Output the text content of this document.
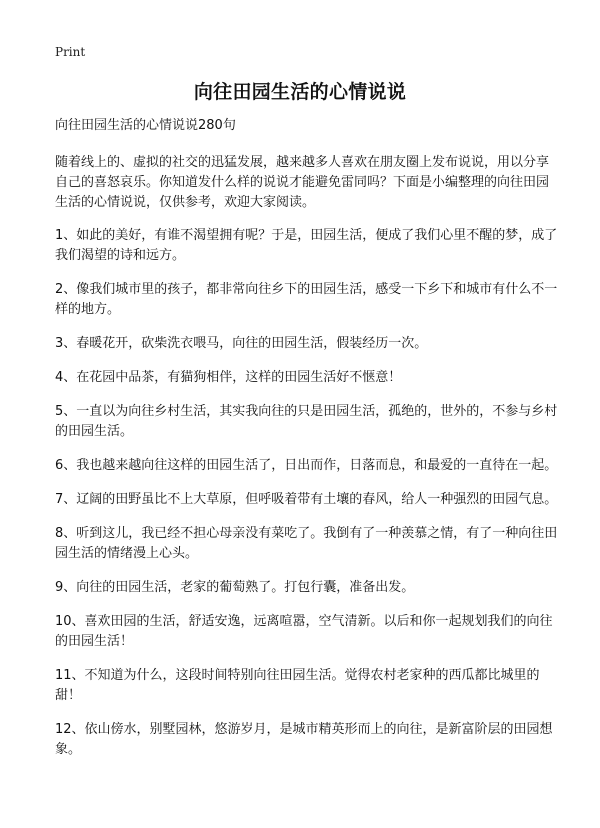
Print
向往田园生活的心情说说

向往田园生活的心情说说280句

随着线上的、虚拟的社交的迅猛发展，越来越多人喜欢在朋友圈上发布说说，用以分享自己的喜怒哀乐。你知道发什么样的说说才能避免雷同吗？下面是小编整理的向往田园生活的心情说说，仅供参考，欢迎大家阅读。

1、如此的美好，有谁不渴望拥有呢？于是，田园生活，便成了我们心里不醒的梦，成了我们渴望的诗和远方。

2、像我们城市里的孩子，都非常向往乡下的田园生活，感受一下乡下和城市有什么不一样的地方。

3、春暖花开，砍柴洗衣喂马，向往的田园生活，假装经历一次。

4、在花园中品茶，有猫狗相伴，这样的田园生活好不惬意！

5、一直以为向往乡村生活，其实我向往的只是田园生活，孤绝的，世外的，不参与乡村的田园生活。

6、我也越来越向往这样的田园生活了，日出而作，日落而息，和最爱的一直待在一起。

7、辽阔的田野虽比不上大草原，但呼吸着带有土壤的春风，给人一种强烈的田园气息。

8、听到这儿，我已经不担心母亲没有菜吃了。我倒有了一种羡慕之情，有了一种向往田园生活的情绪漫上心头。

9、向往的田园生活，老家的葡萄熟了。打包行囊，准备出发。

10、喜欢田园的生活，舒适安逸，远离喧嚣，空气清新。以后和你一起规划我们的向往的田园生活！

11、不知道为什么，这段时间特别向往田园生活。觉得农村老家种的西瓜都比城里的甜！

12、依山傍水，别墅园林，悠游岁月，是城市精英形而上的向往，是新富阶层的田园想象。
